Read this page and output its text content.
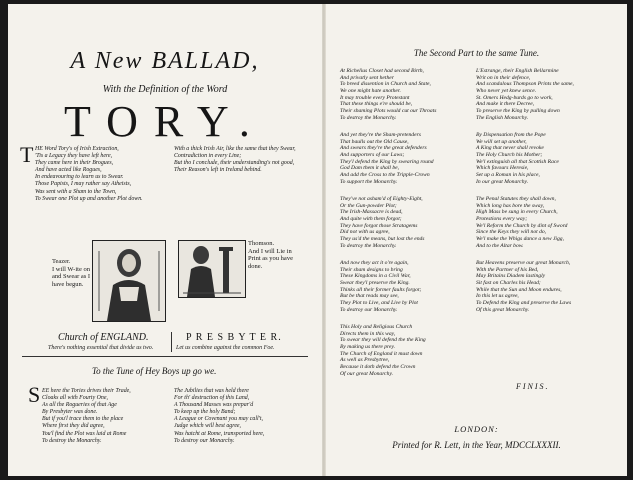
A New BALLAD,
With the Definition of the Word
TORY.
T HE Word Tory's of Irish Extraction,
'Tis a Legacy they have left here,
They came here in their Brogues,
And have acted like Rogues,
In endeavouring to learn us to Swear.
Those Papists, I may rather say Atheists,
Was sent with a Sham to the Town,
To Swear one Plot up and another Plot down.
With a thick Irish Air, like the same that they Swear,
Contradiction in every Line;
But tho I conclude, their understanding's not good,
Their Reason's left in Ireland behind.
Teazer.
I will W-ite on
and Swear as I
have begun.
Thomson.
And I will Lie in
Print as you have
done.
Church of ENGLAND.
There's nothing essential that divide us two.
P R E S B Y T E R.
Let us combine against the common Foe.
To the Tune of Hey Boys up go we.
S EE here the Tories drives their Trade,
Cloaks all with Fourty One,
As all the Rogueries of that Age
By Presbyter was done.
But if you'l trace them to the place
Where first they did agree,
You'l find the Plot was laid at Rome
To destroy the Monarchy.
The Jubilies that was held there
For th' destruction of this Land,
A Thousand Masses was prepar'd
To keep up the holy Band;
A League or Covenant you may call't,
Judge which will best agree,
Was hatcht at Rome, transported here,
To destroy our Monarchy.
The Second Part to the same Tune.
At Richelius Closet had second Birth,
And privatly sent hether
To breed dissention in Church and State,
We one might hate another.
It may trouble every Protestant
That these things e're should be,
Their shaming Plots would cut our Throats
To destroy the Monarchy.
And yet they're the Sham-pretenders
That baulls out the Old Cause,
And swears they're the great defenders
And supporters of our Laws;
They'l defend the King by swearing round
God Dam them it shall be,
And add the Cross to the Tripple-Crown
To support the Monarchy.
They've not asham'd of Eighty-Eight,
Or the Gun-powder Plot;
The Irish-Massacre is dead,
And quite with them forgot;
They have forgot those Stratagems
Did not with us agree,
They us'd the means, but lost the ends
To destroy the Monarchy.
And now they act it o're again,
Their sham designs to bring
These Kingdoms in a Civil War,
Swear they'l preserve the King.
Thinks all their former faults forgot;
But be that reads may see,
They Plot to Live, and Live by Plot
To destroy our Monarchy.
This Holy and Religious Church
Directs them in this way,
To swear they will defend the the King
By making us there prey.
The Church of England it must down
As well as Presbytree,
Because it doth defend the Crown
Of our great Monarchy.
L'Estrange, their English Bellarmine
Writ on in their defence,
And scandalous Thompson Prints the same,
Who never yet knew sence.
St. Omers Hedg-burds go to work,
And make it there Decree,
To preserve the King by pulling down
The English Monarchy.
By Dispensation from the Pope
We will set up another,
A King that never shall revoke
The Holy Church his Mother;
We'l extinguish all that Scottish Race
Which favours Heresie,
Set up a Roman in his place,
In our great Monarchy.
The Penal Statutes they shall down,
Which long has bore the sway,
High Mass be sung in every Church,
Protestions every way;
We'l Reform the Church by dint of Sword
Since the Keys they will not do,
We'l make the Whigs dance a new Jigg,
And to the Altar bow.
But Heavens preserve our great Monarch,
With the Partner of his Bed,
May Britains Diadem lastingly
Sit fast on Charles his Head;
While that the Sun and Moon endures,
In this let us agree,
To Defend the King and preserve the Laws
Of this great Monarchy.
FINIS.
LONDON:
Printed for R. Lett, in the Year, MDCCLXXXII.
